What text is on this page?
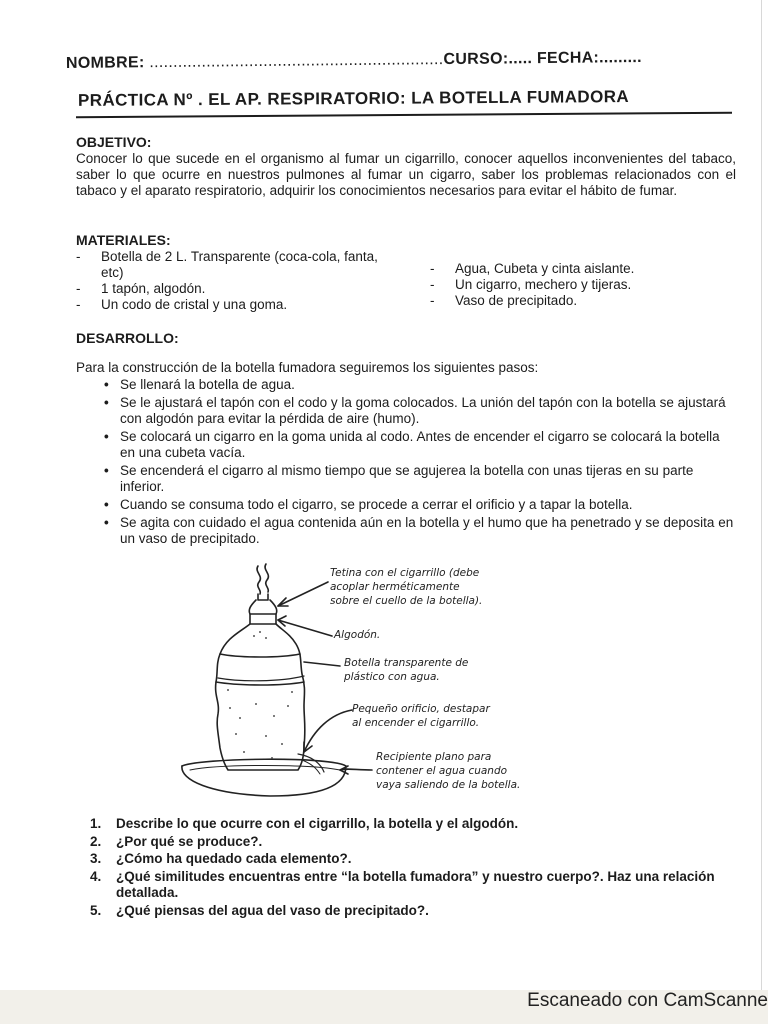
NOMBRE: ..............................................................CURSO:..... FECHA:.........
PRÁCTICA Nº . EL AP. RESPIRATORIO: LA BOTELLA FUMADORA
OBJETIVO:
Conocer lo que sucede en el organismo al fumar un cigarrillo, conocer aquellos inconvenientes del tabaco, saber lo que ocurre en nuestros pulmones al fumar un cigarro, saber los problemas relacionados con el tabaco y el aparato respiratorio, adquirir los conocimientos necesarios para evitar el hábito de fumar.
MATERIALES:
- Botella de 2 L. Transparente (coca-cola, fanta, etc)
- 1 tapón, algodón.
- Un codo de cristal y una goma.
- Agua, Cubeta y cinta aislante.
- Un cigarro, mechero y tijeras.
- Vaso de precipitado.
DESARROLLO:
Para la construcción de la botella fumadora seguiremos los siguientes pasos:
• Se llenará la botella de agua.
• Se le ajustará el tapón con el codo y la goma colocados. La unión del tapón con la botella se ajustará con algodón para evitar la pérdida de aire (humo).
• Se colocará un cigarro en la goma unida al codo. Antes de encender el cigarro se colocará la botella en una cubeta vacía.
• Se encenderá el cigarro al mismo tiempo que se agujerea la botella con unas tijeras en su parte inferior.
• Cuando se consuma todo el cigarro, se procede a cerrar el orificio y a tapar la botella.
• Se agita con cuidado el agua contenida aún en la botella y el humo que ha penetrado y se deposita en un vaso de precipitado.
Tetina con el cigarrillo (debe
acoplar herméticamente
sobre el cuello de la botella).
Algodón.
Botella transparente de
plástico con agua.
Pequeño orificio, destapar
al encender el cigarrillo.
Recipiente plano para
contener el agua cuando
vaya saliendo de la botella.
1. Describe lo que ocurre con el cigarrillo, la botella y el algodón.
2. ¿Por qué se produce?.
3. ¿Cómo ha quedado cada elemento?.
4. ¿Qué similitudes encuentras entre “la botella fumadora” y nuestro cuerpo?. Haz una relación detallada.
5. ¿Qué piensas del agua del vaso de precipitado?.
Escaneado con CamScanne
